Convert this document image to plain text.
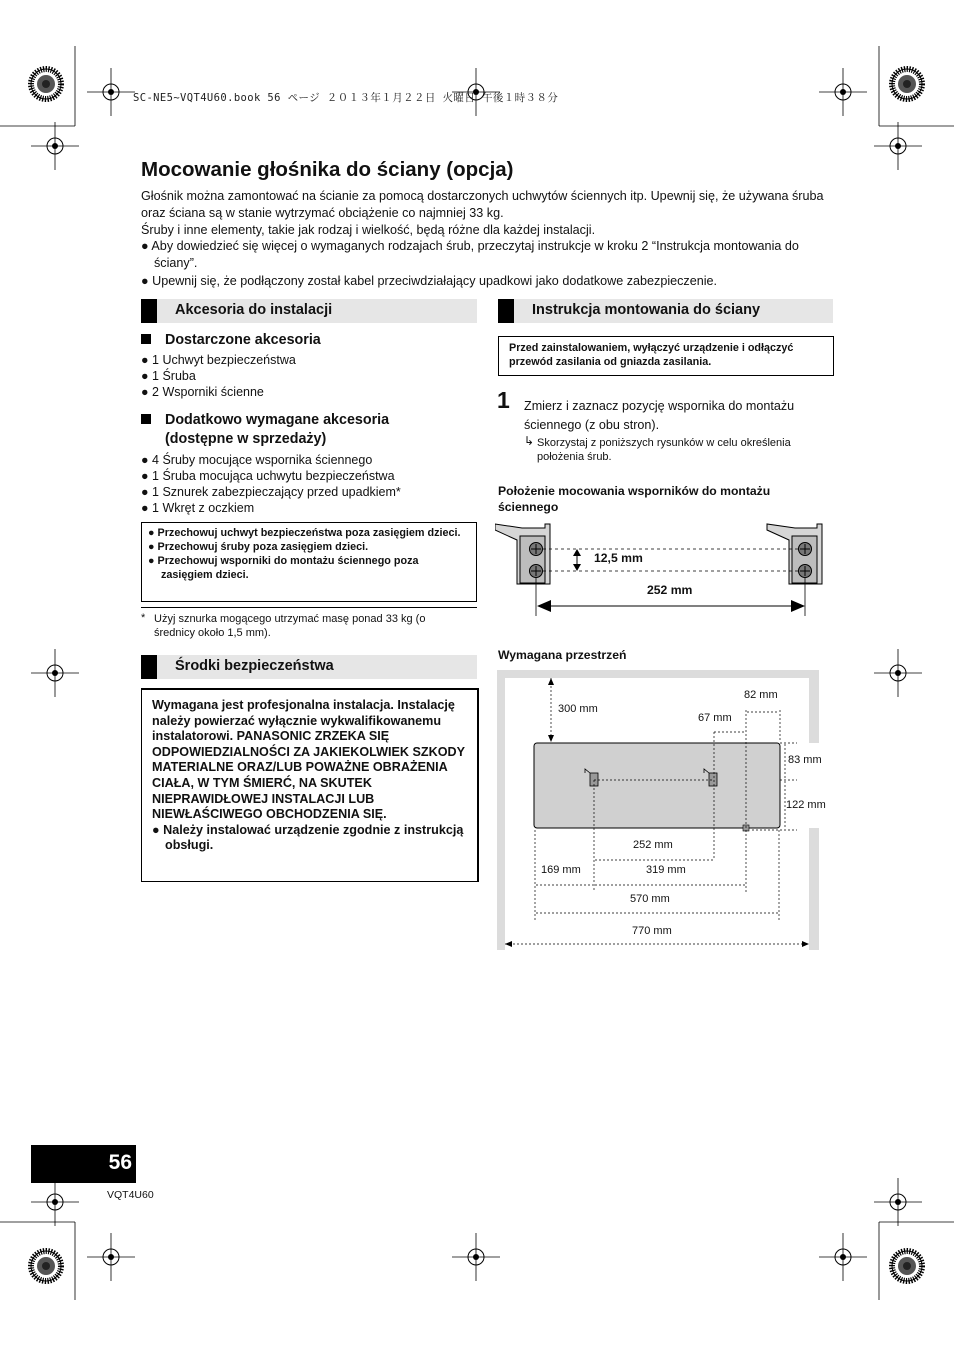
SC-NE5~VQT4U60.book 56 ページ ２０１３年１月２２日 火曜日 午後１時３８分
Mocowanie głośnika do ściany (opcja)

Głośnik można zamontować na ścianie za pomocą dostarczonych uchwytów ściennych itp. Upewnij się, że używana śruba oraz ściana są w stanie wytrzymać obciążenie co najmniej 33 kg.

Śruby i inne elementy, takie jak rodzaj i wielkość, będą różne dla każdej instalacji.

● Aby dowiedzieć się więcej o wymaganych rodzajach śrub, przeczytaj instrukcje w kroku 2 “Instrukcja montowania do ściany”.

● Upewnij się, że podłączony został kabel przeciwdziałający upadkowi jako dodatkowe zabezpieczenie.

Akcesoria do instalacji
Dostarczone akcesoria
● 1 Uchwyt bezpieczeństwa
● 1 Śruba
● 2 Wsporniki ścienne
Dodatkowo wymagane akcesoria
(dostępne w sprzedaży)
● 4 Śruby mocujące wspornika ściennego
● 1 Śruba mocująca uchwytu bezpieczeństwa
● 1 Sznurek zabezpieczający przed upadkiem*
● 1 Wkręt z oczkiem
● Przechowuj uchwyt bezpieczeństwa poza zasięgiem dzieci.
● Przechowuj śruby poza zasięgiem dzieci.
● Przechowuj wsporniki do montażu ściennego poza zasięgiem dzieci.
* Użyj sznurka mogącego utrzymać masę ponad 33 kg (o średnicy około 1,5 mm).
Środki bezpieczeństwa
Wymagana jest profesjonalna instalacja. Instalację należy powierzać wyłącznie wykwalifikowanemu instalatorowi. PANASONIC ZRZEKA SIĘ ODPOWIEDZIALNOŚCI ZA JAKIEKOLWIEK SZKODY MATERIALNE ORAZ/LUB POWAŻNE OBRAŻENIA CIAŁA, W TYM ŚMIERĆ, NA SKUTEK NIEPRAWIDŁOWEJ INSTALACJI LUB NIEWŁAŚCIWEGO OBCHODZENIA SIĘ.
● Należy instalować urządzenie zgodnie z instrukcją obsługi.
Instrukcja montowania do ściany
Przed zainstalowaniem, wyłączyć urządzenie i odłączyć przewód zasilania od gniazda zasilania.
1 Zmierz i zaznacz pozycję wspornika do montażu ściennego (z obu stron).
↳ Skorzystaj z poniższych rysunków w celu określenia położenia śrub.
Położenie mocowania wsporników do montażu ściennego
12,5 mm
252 mm
Wymagana przestrzeń
300 mm
82 mm
67 mm
83 mm
122 mm
252 mm
169 mm	319 mm
570 mm
770 mm
56
VQT4U60
